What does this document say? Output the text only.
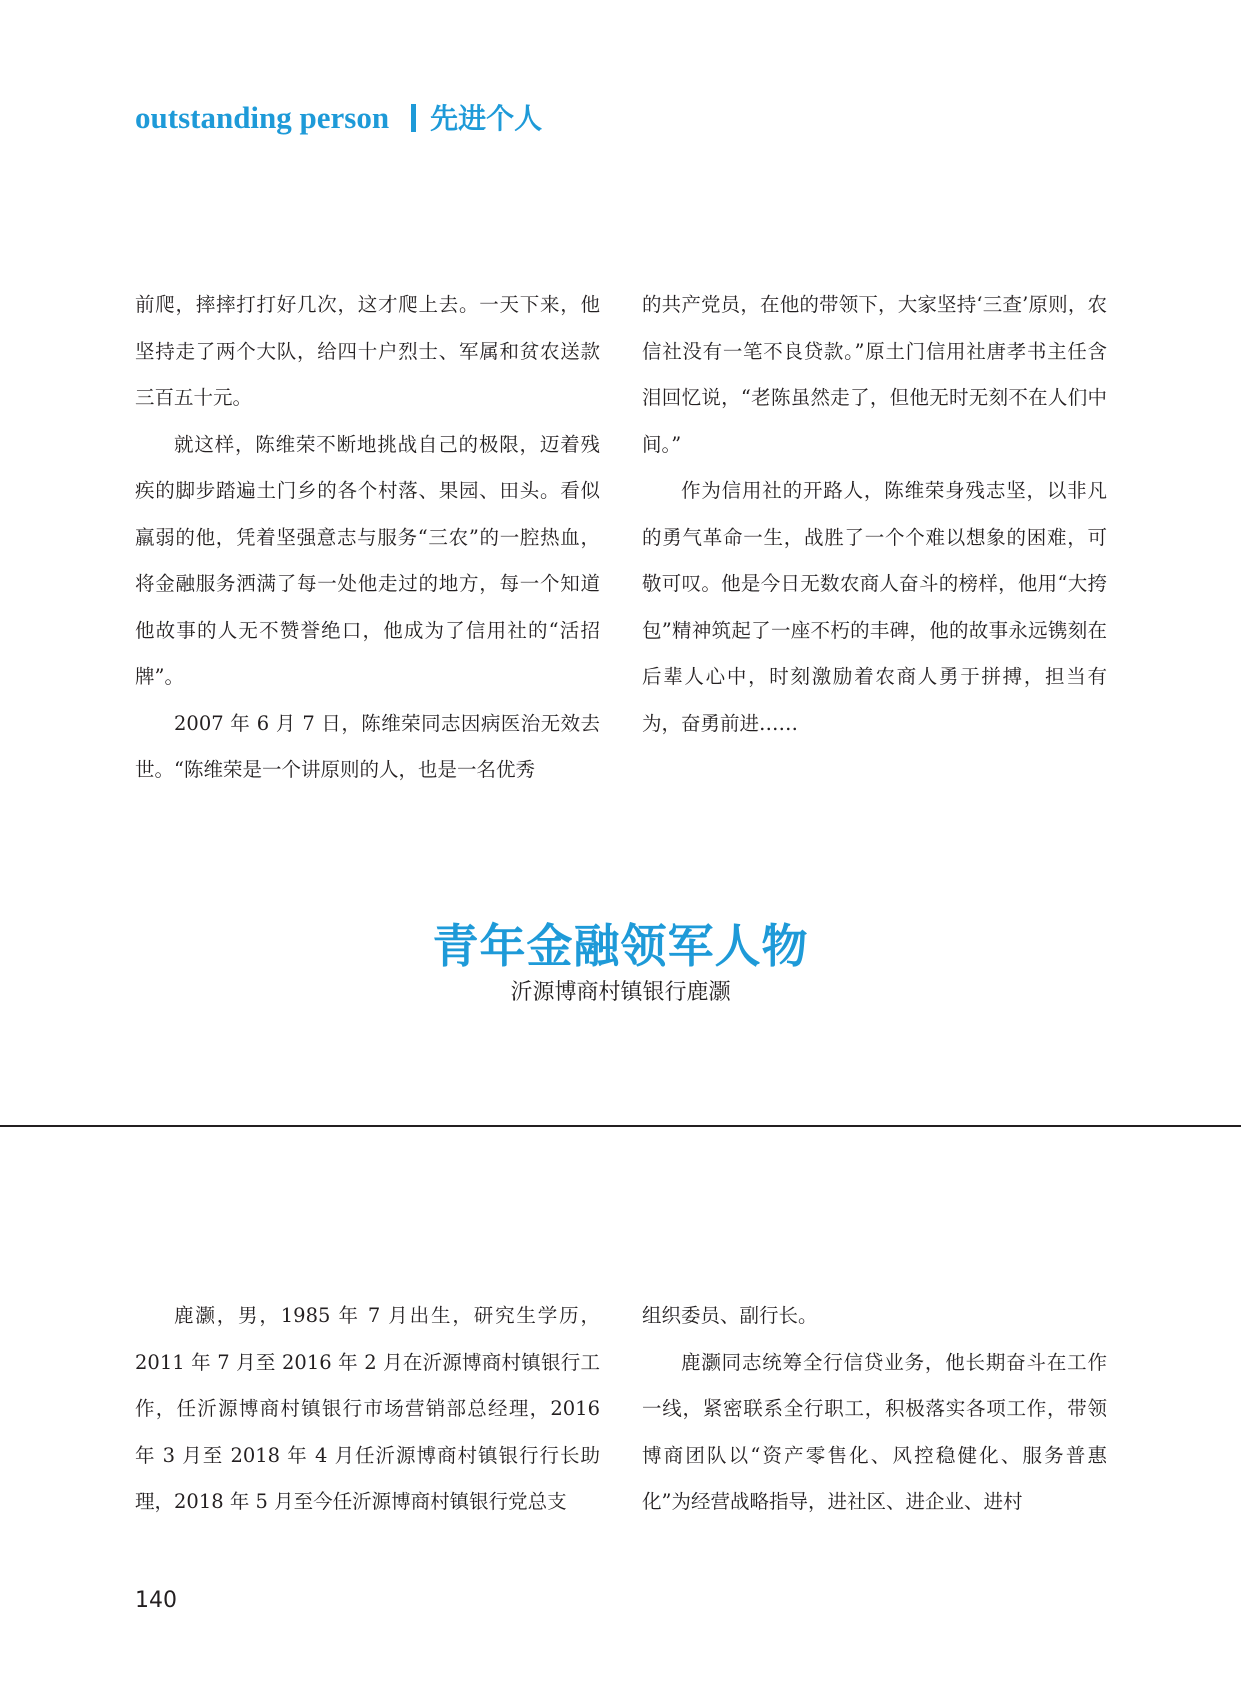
outstanding person 先进个人

前爬，摔摔打打好几次，这才爬上去。一天下来，他坚持走了两个大队，给四十户烈士、军属和贫农送款三百五十元。

就这样，陈维荣不断地挑战自己的极限，迈着残疾的脚步踏遍土门乡的各个村落、果园、田头。看似羸弱的他，凭着坚强意志与服务“三农”的一腔热血，将金融服务洒满了每一处他走过的地方，每一个知道他故事的人无不赞誉绝口，他成为了信用社的“活招牌”。

2007 年 6 月 7 日，陈维荣同志因病医治无效去世。“陈维荣是一个讲原则的人，也是一名优秀

的共产党员，在他的带领下，大家坚持‘三查’原则，农信社没有一笔不良贷款。”原土门信用社唐孝书主任含泪回忆说，“老陈虽然走了，但他无时无刻不在人们中间。”

作为信用社的开路人，陈维荣身残志坚，以非凡的勇气革命一生，战胜了一个个难以想象的困难，可敬可叹。他是今日无数农商人奋斗的榜样，他用“大挎包”精神筑起了一座不朽的丰碑，他的故事永远镌刻在后辈人心中，时刻激励着农商人勇于拼搏，担当有为，奋勇前进……

青年金融领军人物
沂源博商村镇银行鹿灏

鹿灏，男，1985 年 7 月出生，研究生学历，2011 年 7 月至 2016 年 2 月在沂源博商村镇银行工作，任沂源博商村镇银行市场营销部总经理，2016 年 3 月至 2018 年 4 月任沂源博商村镇银行行长助理，2018 年 5 月至今任沂源博商村镇银行党总支

组织委员、副行长。

鹿灏同志统筹全行信贷业务，他长期奋斗在工作一线，紧密联系全行职工，积极落实各项工作，带领博商团队以“资产零售化、风控稳健化、服务普惠化”为经营战略指导，进社区、进企业、进村

140
